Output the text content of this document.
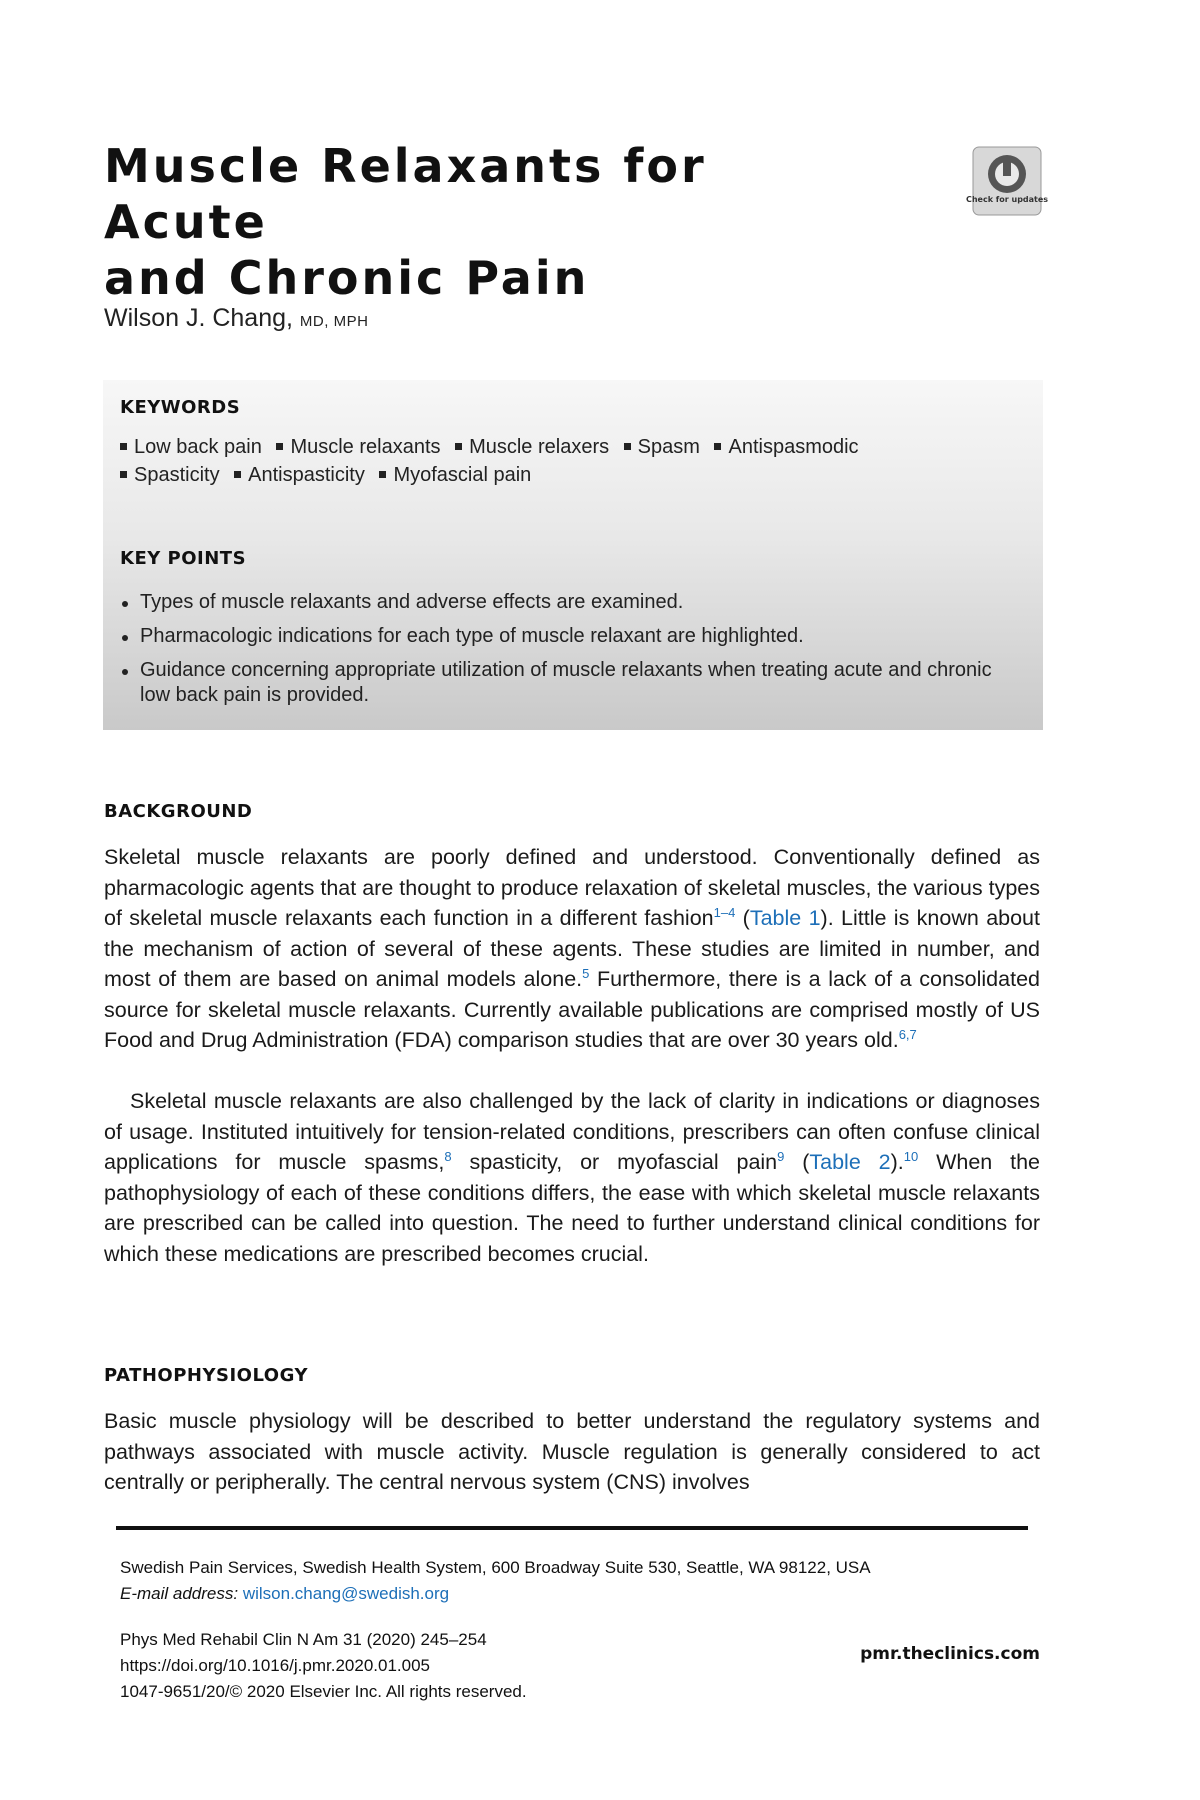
Muscle Relaxants for Acute
and Chronic Pain
Check for updates
Wilson J. Chang, MD, MPH
KEYWORDS
Low back pain Muscle relaxants Muscle relaxers Spasm Antispasmodic
Spasticity Antispasticity Myofascial pain
KEY POINTS
Types of muscle relaxants and adverse effects are examined.
Pharmacologic indications for each type of muscle relaxant are highlighted.
Guidance concerning appropriate utilization of muscle relaxants when treating acute and chronic low back pain is provided.
BACKGROUND

Skeletal muscle relaxants are poorly defined and understood. Conventionally defined as pharmacologic agents that are thought to produce relaxation of skeletal muscles, the various types of skeletal muscle relaxants each function in a different fashion$^{1-4}$ (Table 1). Little is known about the mechanism of action of several of these agents. These studies are limited in number, and most of them are based on animal models alone.$^5$ Furthermore, there is a lack of a consolidated source for skeletal muscle relaxants. Currently available publications are comprised mostly of US Food and Drug Administration (FDA) comparison studies that are over 30 years old.$^{6,7}$

Skeletal muscle relaxants are also challenged by the lack of clarity in indications or diagnoses of usage. Instituted intuitively for tension-related conditions, prescribers can often confuse clinical applications for muscle spasms,$^8$ spasticity, or myofascial pain$^9$ (Table 2).$^{10}$ When the pathophysiology of each of these conditions differs, the ease with which skeletal muscle relaxants are prescribed can be called into question. The need to further understand clinical conditions for which these medications are prescribed becomes crucial.

PATHOPHYSIOLOGY

Basic muscle physiology will be described to better understand the regulatory systems and pathways associated with muscle activity. Muscle regulation is generally considered to act centrally or peripherally. The central nervous system (CNS) involves

Swedish Pain Services, Swedish Health System, 600 Broadway Suite 530, Seattle, WA 98122, USA
E-mail address: wilson.chang@swedish.org
Phys Med Rehabil Clin N Am 31 (2020) 245–254
https://doi.org/10.1016/j.pmr.2020.01.005
1047-9651/20/© 2020 Elsevier Inc. All rights reserved.
pmr.theclinics.com
